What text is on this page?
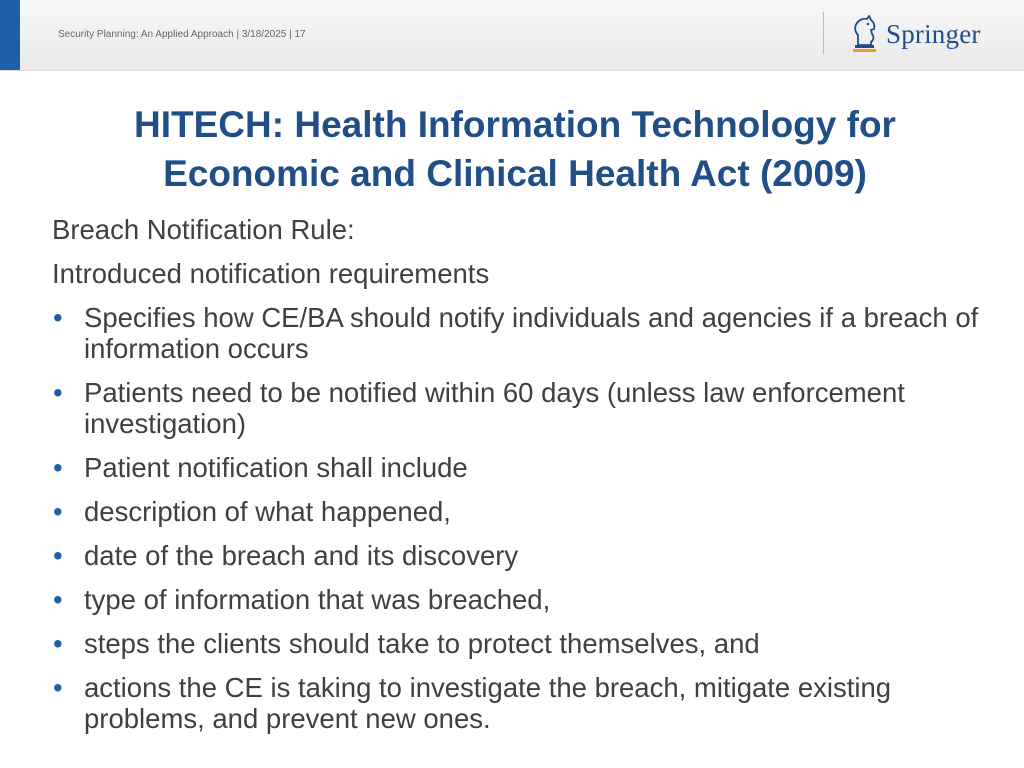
Security Planning: An Applied Approach | 3/18/2025 | 17	Springer
HITECH: Health Information Technology for
Economic and Clinical Health Act (2009)
Breach Notification Rule:
Introduced notification requirements
• Specifies how CE/BA should notify individuals and agencies if a breach of information occurs
• Patients need to be notified within 60 days (unless law enforcement investigation)
• Patient notification shall include
• description of what happened,
• date of the breach and its discovery
• type of information that was breached,
• steps the clients should take to protect themselves, and
• actions the CE is taking to investigate the breach, mitigate existing problems, and prevent new ones.
